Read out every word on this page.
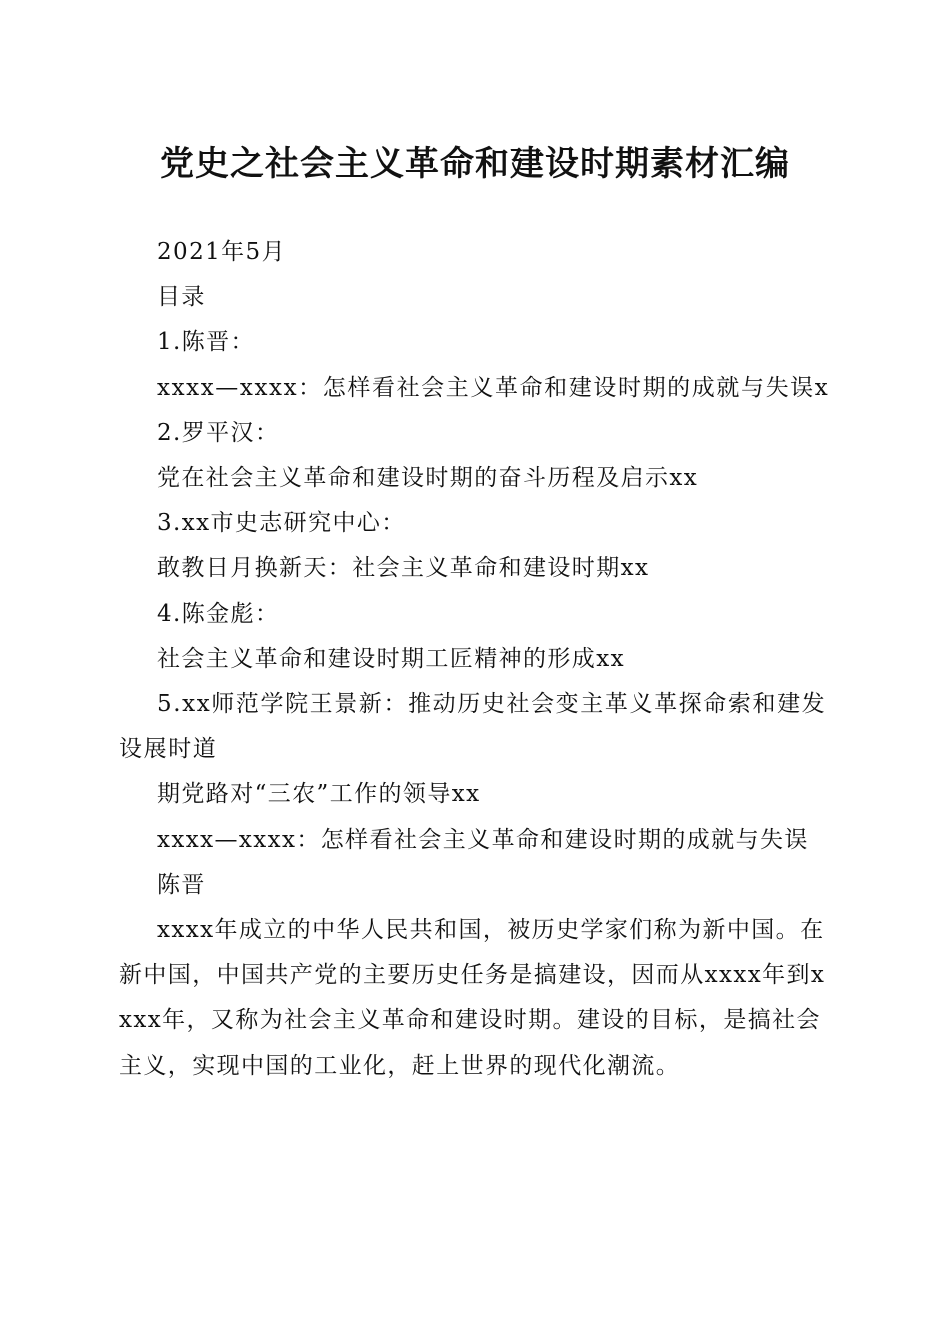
党史之社会主义革命和建设时期素材汇编

2021年5月

目录

1.陈晋：

xxxx—xxxx：怎样看社会主义革命和建设时期的成就与失误x

2.罗平汉：

党在社会主义革命和建设时期的奋斗历程及启示xx

3.xx市史志研究中心：

敢教日月换新天：社会主义革命和建设时期xx

4.陈金彪：

社会主义革命和建设时期工匠精神的形成xx

5.xx师范学院王景新：推动历史社会变主革义革探命索和建发设展时道

期党路对“三农”工作的领导xx

xxxx—xxxx：怎样看社会主义革命和建设时期的成就与失误

陈晋

xxxx年成立的中华人民共和国，被历史学家们称为新中国。在新中国，中国共产党的主要历史任务是搞建设，因而从xxxx年到xxxx年，又称为社会主义革命和建设时期。建设的目标，是搞社会主义，实现中国的工业化，赶上世界的现代化潮流。
